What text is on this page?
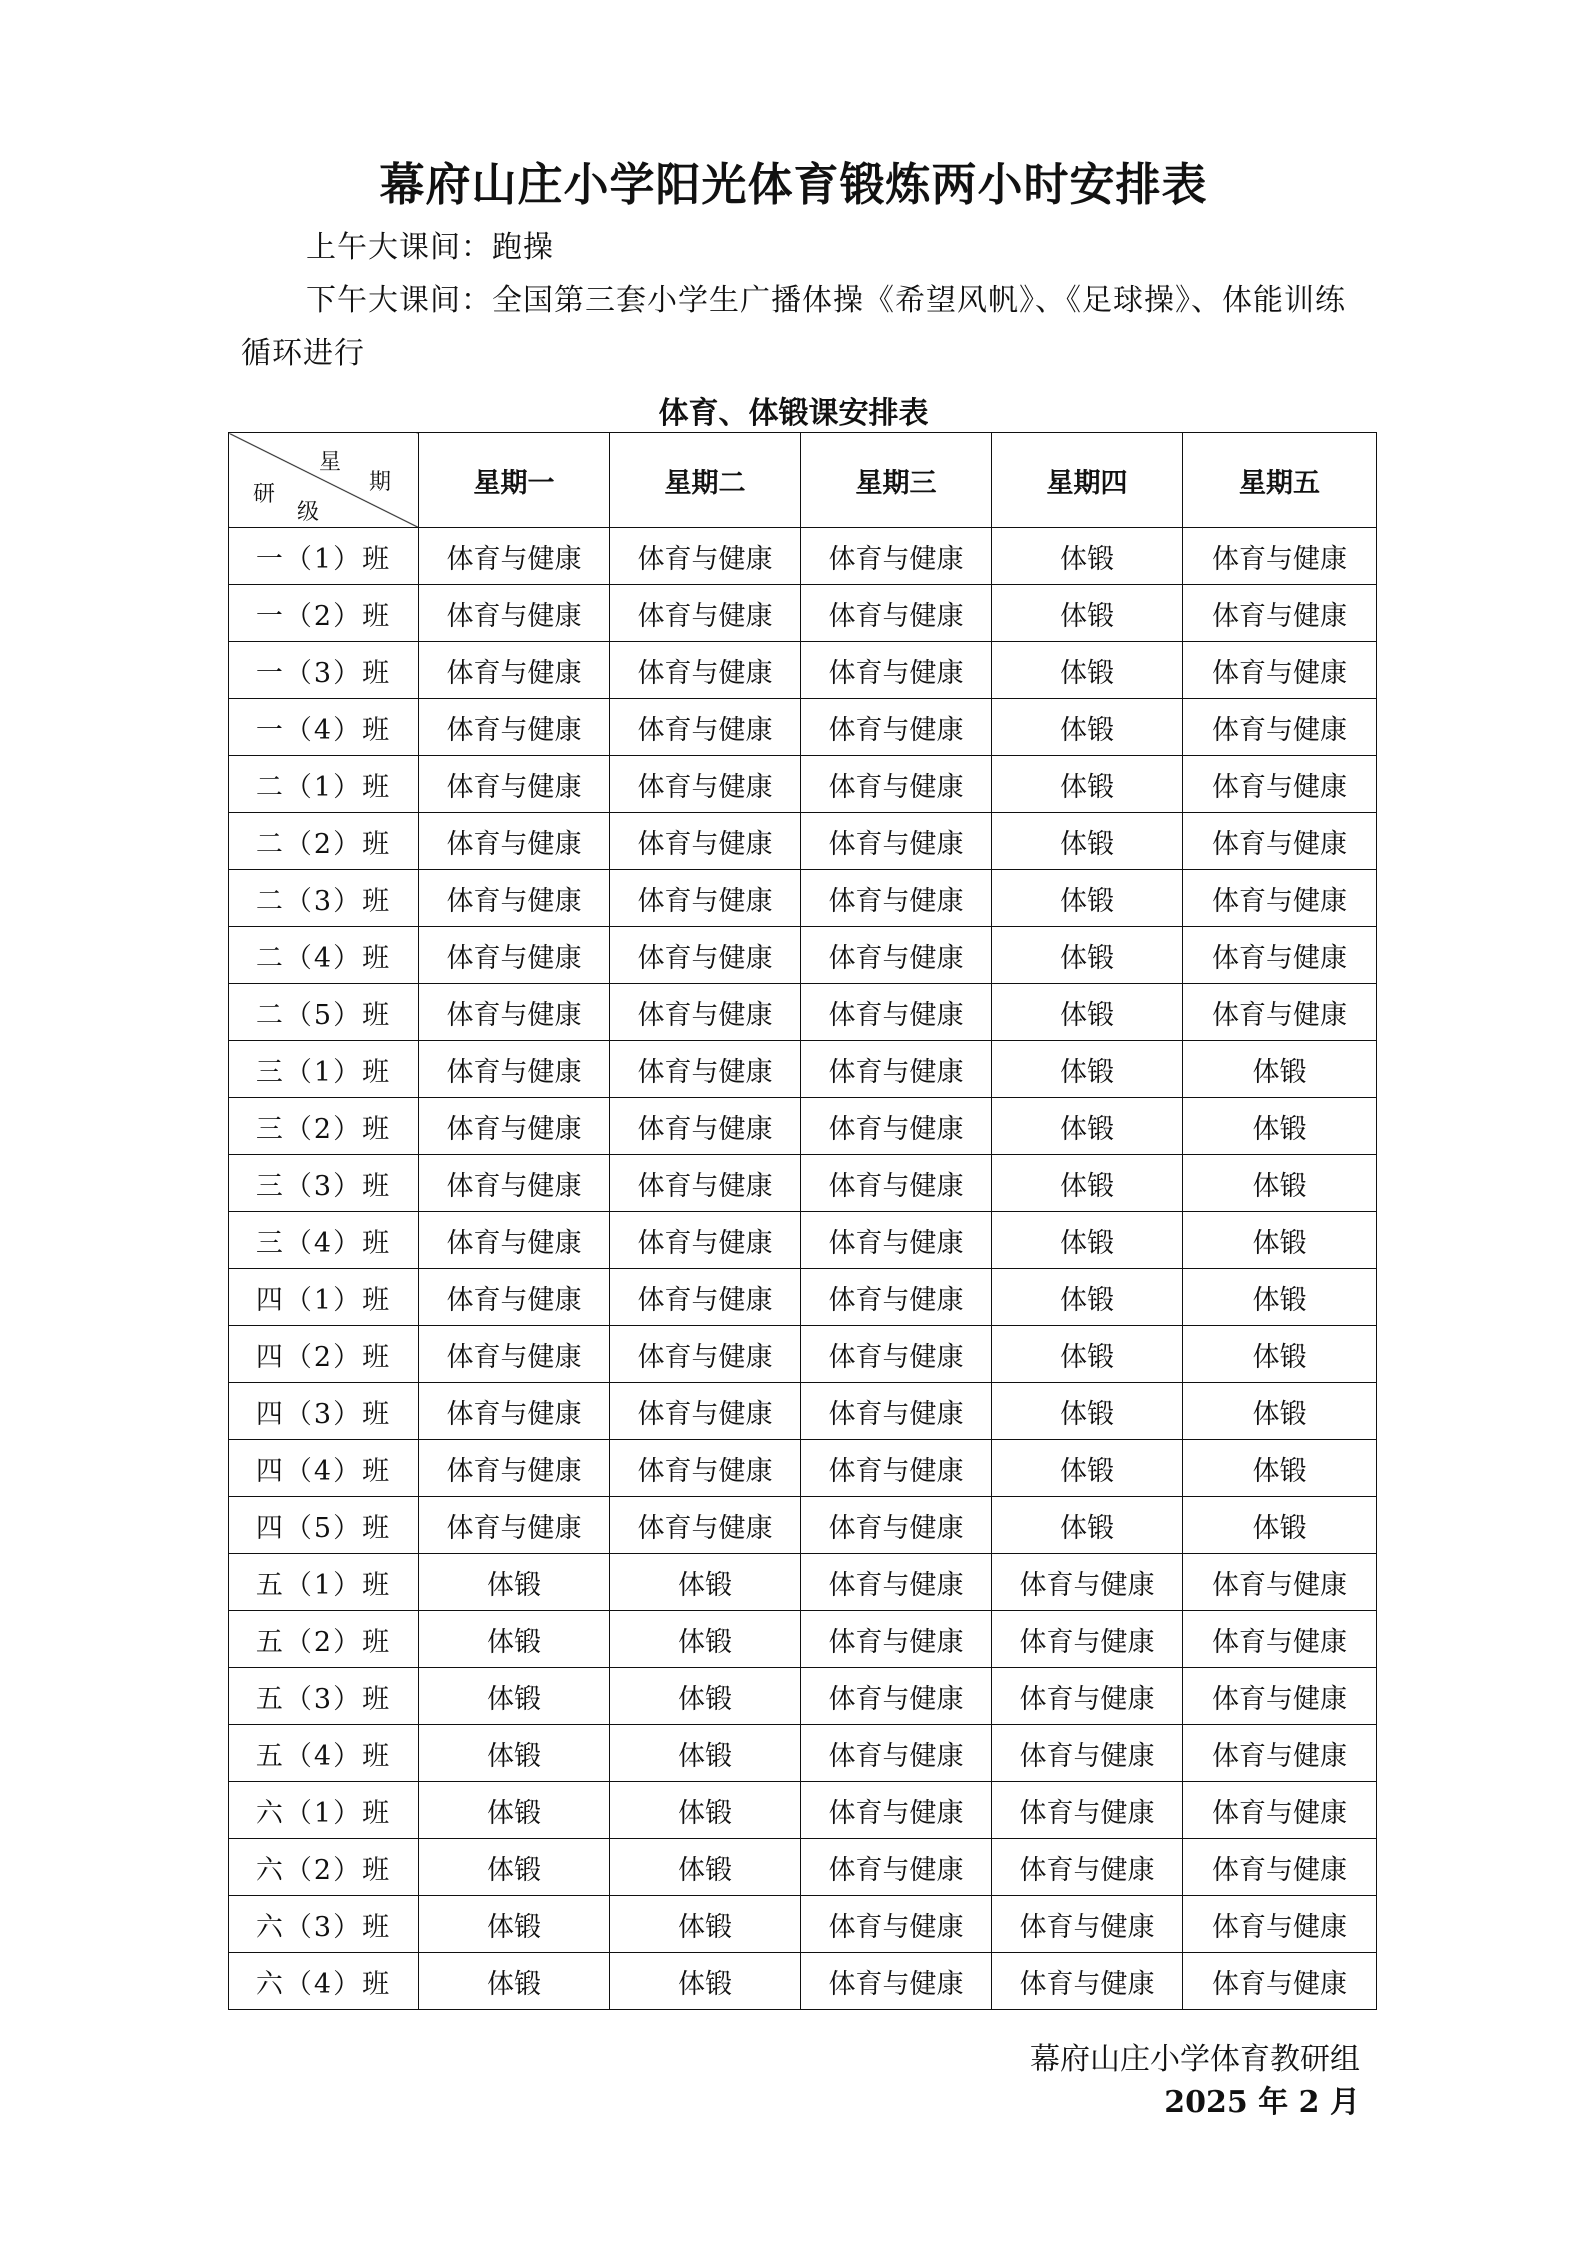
幕府山庄小学阳光体育锻炼两小时安排表
上午大课间：跑操
下午大课间：全国第三套小学生广播体操《希望风帆》、《足球操》、体能训练循环进行
体育、体锻课安排表
星
期
研
级	星期一	星期二	星期三	星期四	星期五
一（1）班	体育与健康	体育与健康	体育与健康	体锻	体育与健康
一（2）班	体育与健康	体育与健康	体育与健康	体锻	体育与健康
一（3）班	体育与健康	体育与健康	体育与健康	体锻	体育与健康
一（4）班	体育与健康	体育与健康	体育与健康	体锻	体育与健康
二（1）班	体育与健康	体育与健康	体育与健康	体锻	体育与健康
二（2）班	体育与健康	体育与健康	体育与健康	体锻	体育与健康
二（3）班	体育与健康	体育与健康	体育与健康	体锻	体育与健康
二（4）班	体育与健康	体育与健康	体育与健康	体锻	体育与健康
二（5）班	体育与健康	体育与健康	体育与健康	体锻	体育与健康
三（1）班	体育与健康	体育与健康	体育与健康	体锻	体锻
三（2）班	体育与健康	体育与健康	体育与健康	体锻	体锻
三（3）班	体育与健康	体育与健康	体育与健康	体锻	体锻
三（4）班	体育与健康	体育与健康	体育与健康	体锻	体锻
四（1）班	体育与健康	体育与健康	体育与健康	体锻	体锻
四（2）班	体育与健康	体育与健康	体育与健康	体锻	体锻
四（3）班	体育与健康	体育与健康	体育与健康	体锻	体锻
四（4）班	体育与健康	体育与健康	体育与健康	体锻	体锻
四（5）班	体育与健康	体育与健康	体育与健康	体锻	体锻
五（1）班	体锻	体锻	体育与健康	体育与健康	体育与健康
五（2）班	体锻	体锻	体育与健康	体育与健康	体育与健康
五（3）班	体锻	体锻	体育与健康	体育与健康	体育与健康
五（4）班	体锻	体锻	体育与健康	体育与健康	体育与健康
六（1）班	体锻	体锻	体育与健康	体育与健康	体育与健康
六（2）班	体锻	体锻	体育与健康	体育与健康	体育与健康
六（3）班	体锻	体锻	体育与健康	体育与健康	体育与健康
六（4）班	体锻	体锻	体育与健康	体育与健康	体育与健康
幕府山庄小学体育教研组
2025 年 2 月
